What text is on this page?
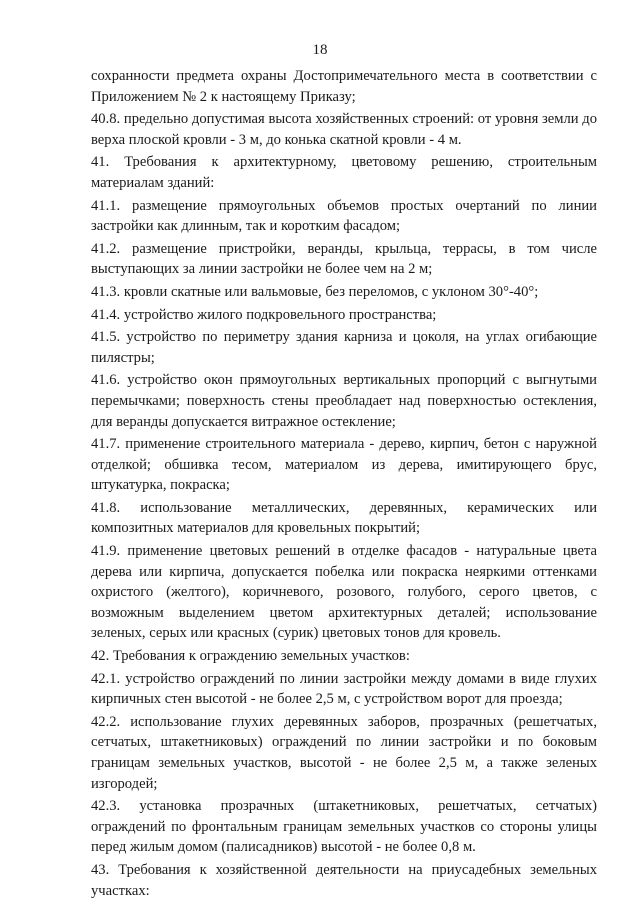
18

сохранности предмета охраны Достопримечательного места в соответствии с Приложением № 2 к настоящему Приказу;

40.8. предельно допустимая высота хозяйственных строений: от уровня земли до верха плоской кровли - 3 м, до конька скатной кровли - 4 м.

41. Требования к архитектурному, цветовому решению, строительным материалам зданий:

41.1. размещение прямоугольных объемов простых очертаний по линии застройки как длинным, так и коротким фасадом;

41.2. размещение пристройки, веранды, крыльца, террасы, в том числе выступающих за линии застройки не более чем на 2 м;

41.3. кровли скатные или вальмовые, без переломов, с уклоном 30°-40°;

41.4. устройство жилого подкровельного пространства;

41.5. устройство по периметру здания карниза и цоколя, на углах огибающие пилястры;

41.6. устройство окон прямоугольных вертикальных пропорций с выгнутыми перемычками; поверхность стены преобладает над поверхностью остекления, для веранды допускается витражное остекление;

41.7. применение строительного материала - дерево, кирпич, бетон с наружной отделкой; обшивка тесом, материалом из дерева, имитирующего брус, штукатурка, покраска;

41.8. использование металлических, деревянных, керамических или композитных материалов для кровельных покрытий;

41.9. применение цветовых решений в отделке фасадов - натуральные цвета дерева или кирпича, допускается побелка или покраска неяркими оттенками охристого (желтого), коричневого, розового, голубого, серого цветов, с возможным выделением цветом архитектурных деталей; использование зеленых, серых или красных (сурик) цветовых тонов для кровель.

42. Требования к ограждению земельных участков:

42.1. устройство ограждений по линии застройки между домами в виде глухих кирпичных стен высотой - не более 2,5 м, с устройством ворот для проезда;

42.2. использование глухих деревянных заборов, прозрачных (решетчатых, сетчатых, штакетниковых) ограждений по линии застройки и по боковым границам земельных участков, высотой - не более 2,5 м, а также зеленых изгородей;

42.3. установка прозрачных (штакетниковых, решетчатых, сетчатых) ограждений по фронтальным границам земельных участков со стороны улицы перед жилым домом (палисадников) высотой - не более 0,8 м.

43. Требования к хозяйственной деятельности на приусадебных земельных участках:
